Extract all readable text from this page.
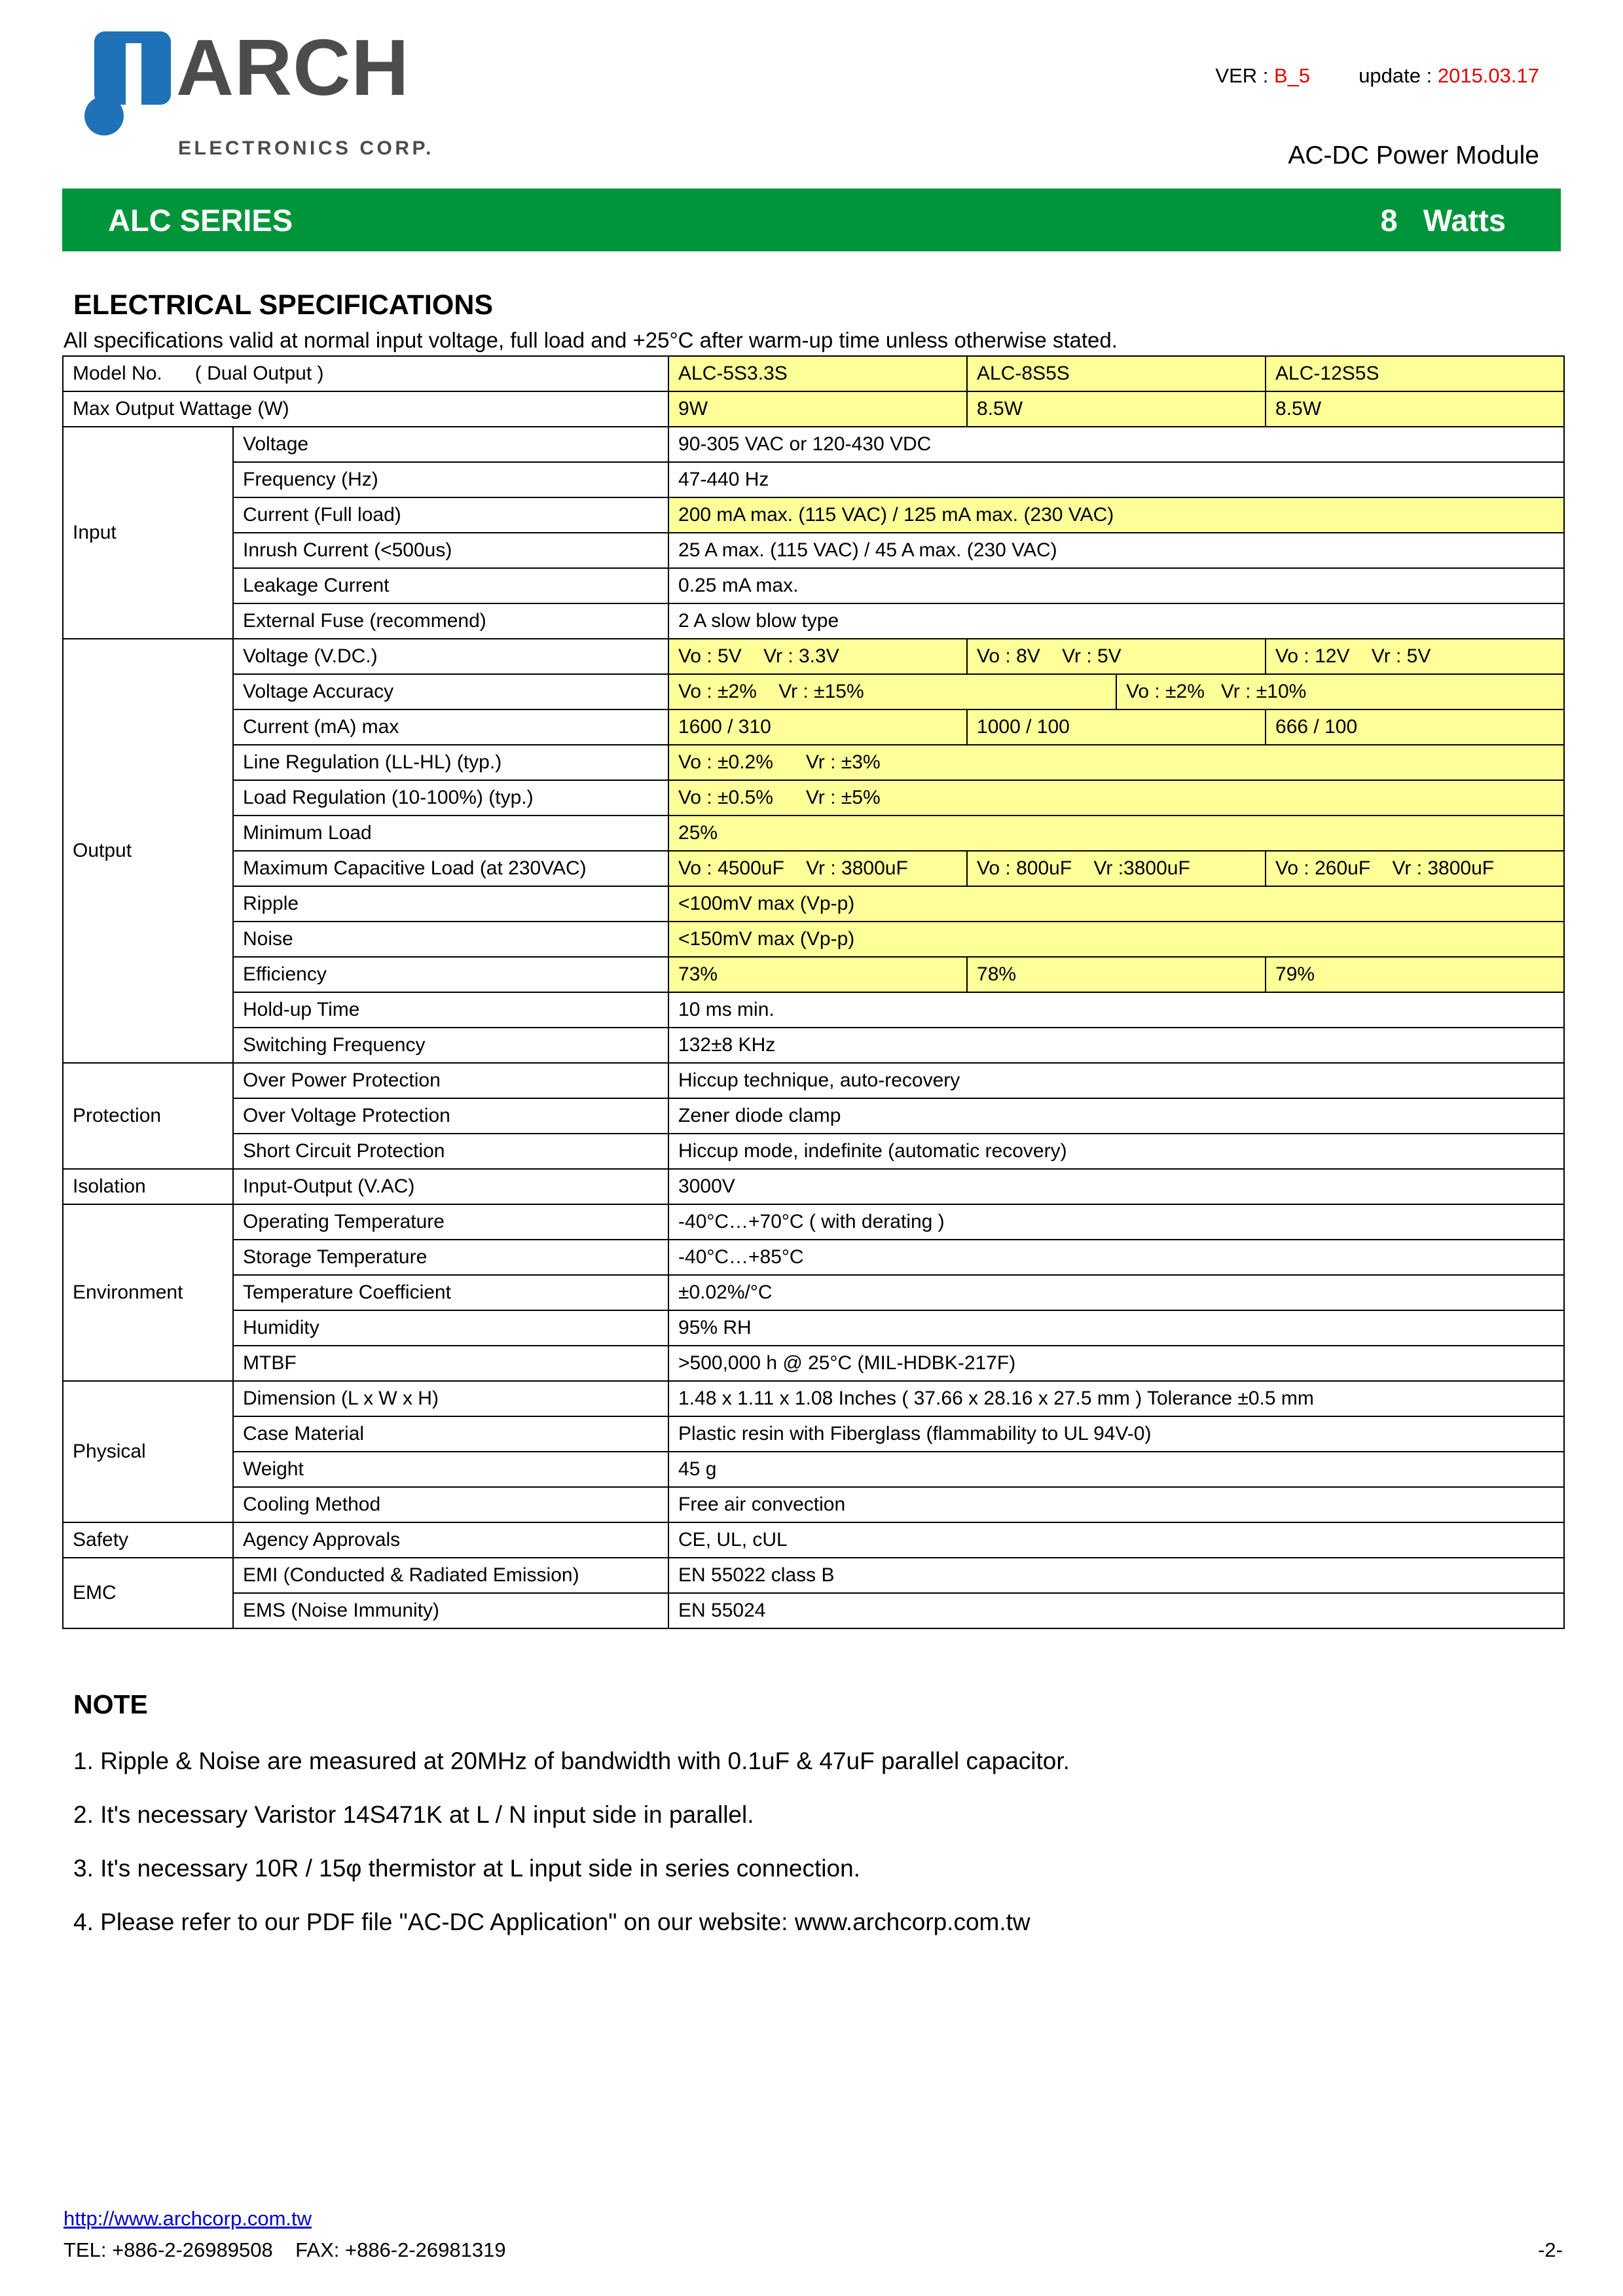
ARCH
ELECTRONICS CORP.

VER : B_5 update : 2015.03.17

AC-DC Power Module
ALC SERIES	8   Watts
ELECTRICAL SPECIFICATIONS

All specifications valid at normal input voltage, full load and +25°C after warm-up time unless otherwise stated.

Model No.      ( Dual Output )		ALC-5S3.3S	ALC-8S5S		ALC-12S5S
Max Output Wattage (W)		9W	8.5W		8.5W
Input	Voltage	90-305 VAC or 120-430 VDC			
	Frequency (Hz)	47-440 Hz			
	Current (Full load)	200 mA max. (115 VAC) / 125 mA max. (230 VAC)			
	Inrush Current (<500us)	25 A max. (115 VAC) / 45 A max. (230 VAC)			
	Leakage Current	0.25 mA max.			
	External Fuse (recommend)	2 A slow blow type			
Output	Voltage (V.DC.)	Vo : 5V    Vr : 3.3V	Vo : 8V    Vr : 5V		Vo : 12V    Vr : 5V
	Voltage Accuracy	Vo : ±2%    Vr : ±15%		Vo : ±2%   Vr : ±10%	
	Current (mA) max	1600 / 310	1000 / 100		666 / 100
	Line Regulation (LL-HL) (typ.)	Vo : ±0.2%      Vr : ±3%			
	Load Regulation (10-100%) (typ.)	Vo : ±0.5%      Vr : ±5%			
	Minimum Load	25%			
	Maximum Capacitive Load (at 230VAC)	Vo : 4500uF    Vr : 3800uF	Vo : 800uF    Vr :3800uF		Vo : 260uF    Vr : 3800uF
	Ripple	<100mV max (Vp-p)			
	Noise	<150mV max (Vp-p)			
	Efficiency	73%	78%		79%
	Hold-up Time	10 ms min.			
	Switching Frequency	132±8 KHz			
Protection	Over Power Protection	Hiccup technique, auto-recovery			
	Over Voltage Protection	Zener diode clamp			
	Short Circuit Protection	Hiccup mode, indefinite (automatic recovery)			
Isolation	Input-Output (V.AC)	3000V			
Environment	Operating Temperature	-40°C…+70°C ( with derating )			
	Storage Temperature	-40°C…+85°C			
	Temperature Coefficient	±0.02%/°C			
	Humidity	95% RH			
	MTBF	>500,000 h @ 25°C (MIL-HDBK-217F)			
Physical	Dimension (L x W x H)	1.48 x 1.11 x 1.08 Inches ( 37.66 x 28.16 x 27.5 mm ) Tolerance ±0.5 mm			
	Case Material	Plastic resin with Fiberglass (flammability to UL 94V-0)			
	Weight	45 g			
	Cooling Method	Free air convection			
Safety	Agency Approvals	CE, UL, cUL			
EMC	EMI (Conducted & Radiated Emission)	EN 55022 class B			
	EMS (Noise Immunity)	EN 55024			
NOTE

1. Ripple & Noise are measured at 20MHz of bandwidth with 0.1uF & 47uF parallel capacitor.

2. It's necessary Varistor 14S471K at L / N input side in parallel.

3. It's necessary 10R / 15φ thermistor at L input side in series connection.

4. Please refer to our PDF file "AC-DC Application" on our website: www.archcorp.com.tw

http://www.archcorp.com.tw
TEL: +886-2-26989508    FAX: +886-2-26981319	-2-
